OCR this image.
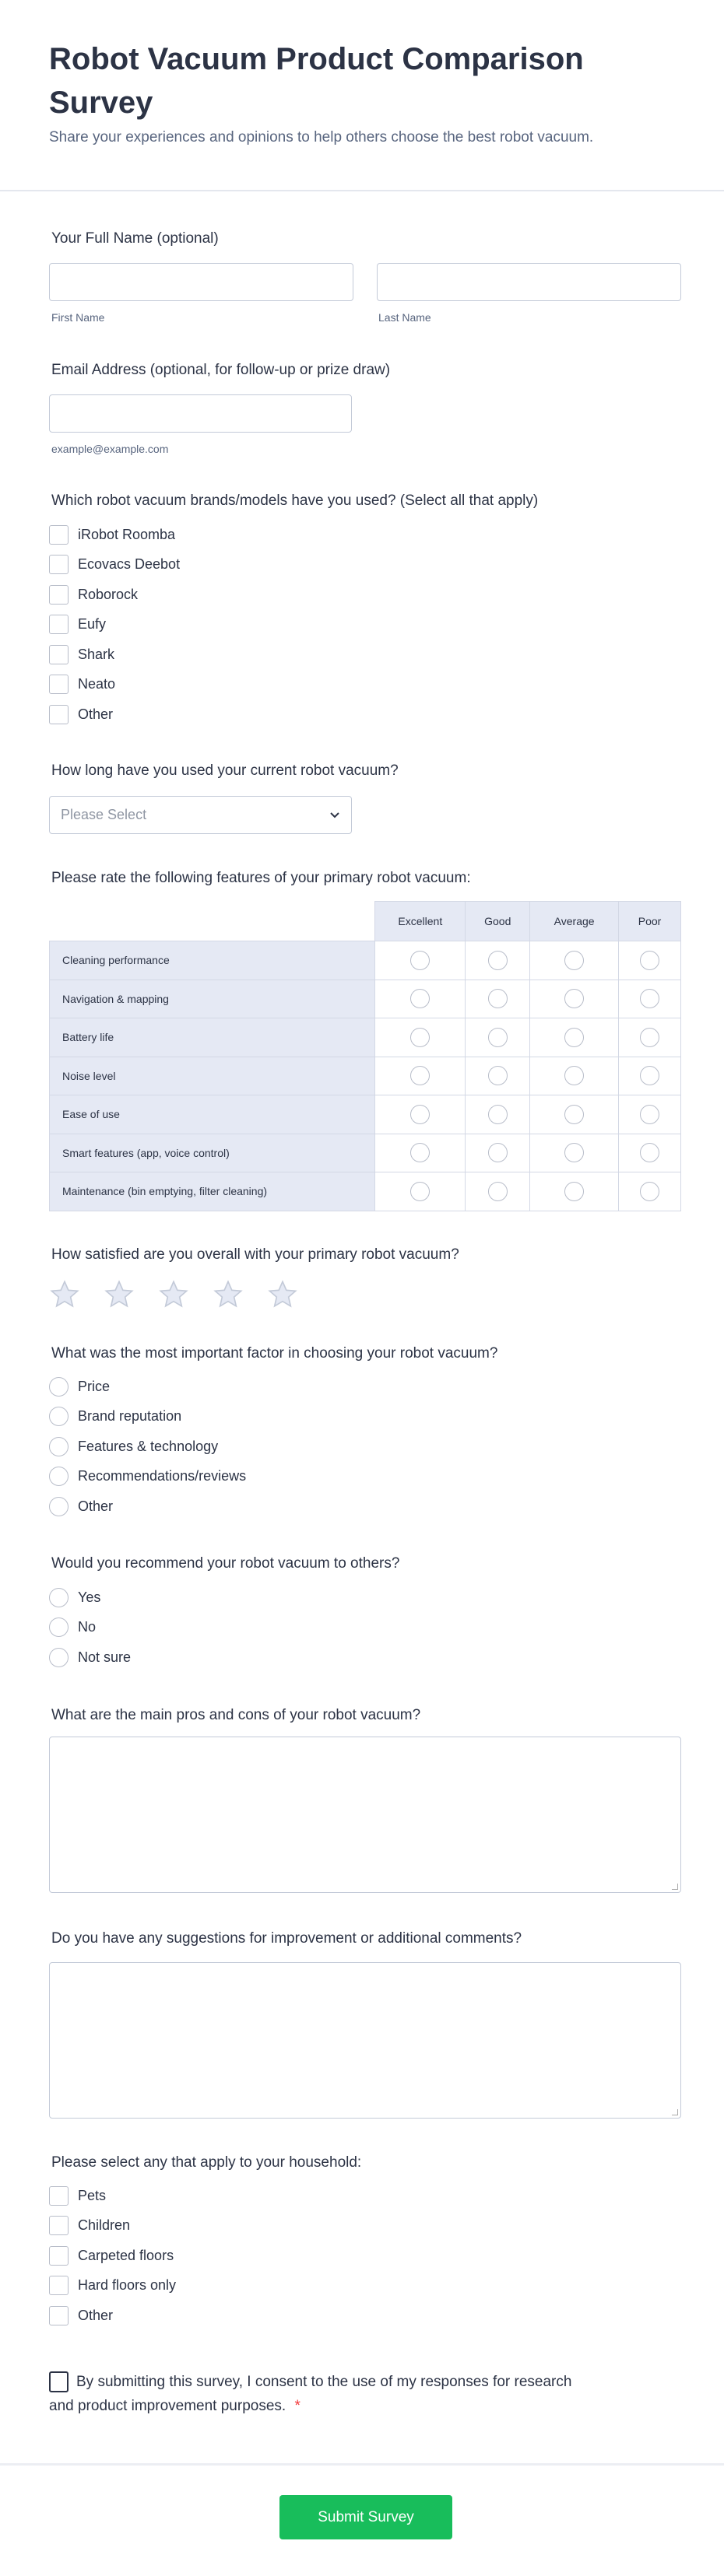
Robot Vacuum Product Comparison Survey
Share your experiences and opinions to help others choose the best robot vacuum.
Your Full Name (optional)
First Name	Last Name
Email Address (optional, for follow-up or prize draw)
example@example.com
Which robot vacuum brands/models have you used? (Select all that apply)
iRobot Roomba
Ecovacs Deebot
Roborock
Eufy
Shark
Neato
Other
How long have you used your current robot vacuum?
Please Select
Please rate the following features of your primary robot vacuum:
	Excellent	Good	Average	Poor
Cleaning performance				
Navigation & mapping				
Battery life				
Noise level				
Ease of use				
Smart features (app, voice control)				
Maintenance (bin emptying, filter cleaning)				
How satisfied are you overall with your primary robot vacuum?
What was the most important factor in choosing your robot vacuum?
Price
Brand reputation
Features & technology
Recommendations/reviews
Other
Would you recommend your robot vacuum to others?
Yes
No
Not sure
What are the main pros and cons of your robot vacuum?
Do you have any suggestions for improvement or additional comments?
Please select any that apply to your household:
Pets
Children
Carpeted floors
Hard floors only
Other
By submitting this survey, I consent to the use of my responses for research and product improvement purposes. *
Submit Survey
